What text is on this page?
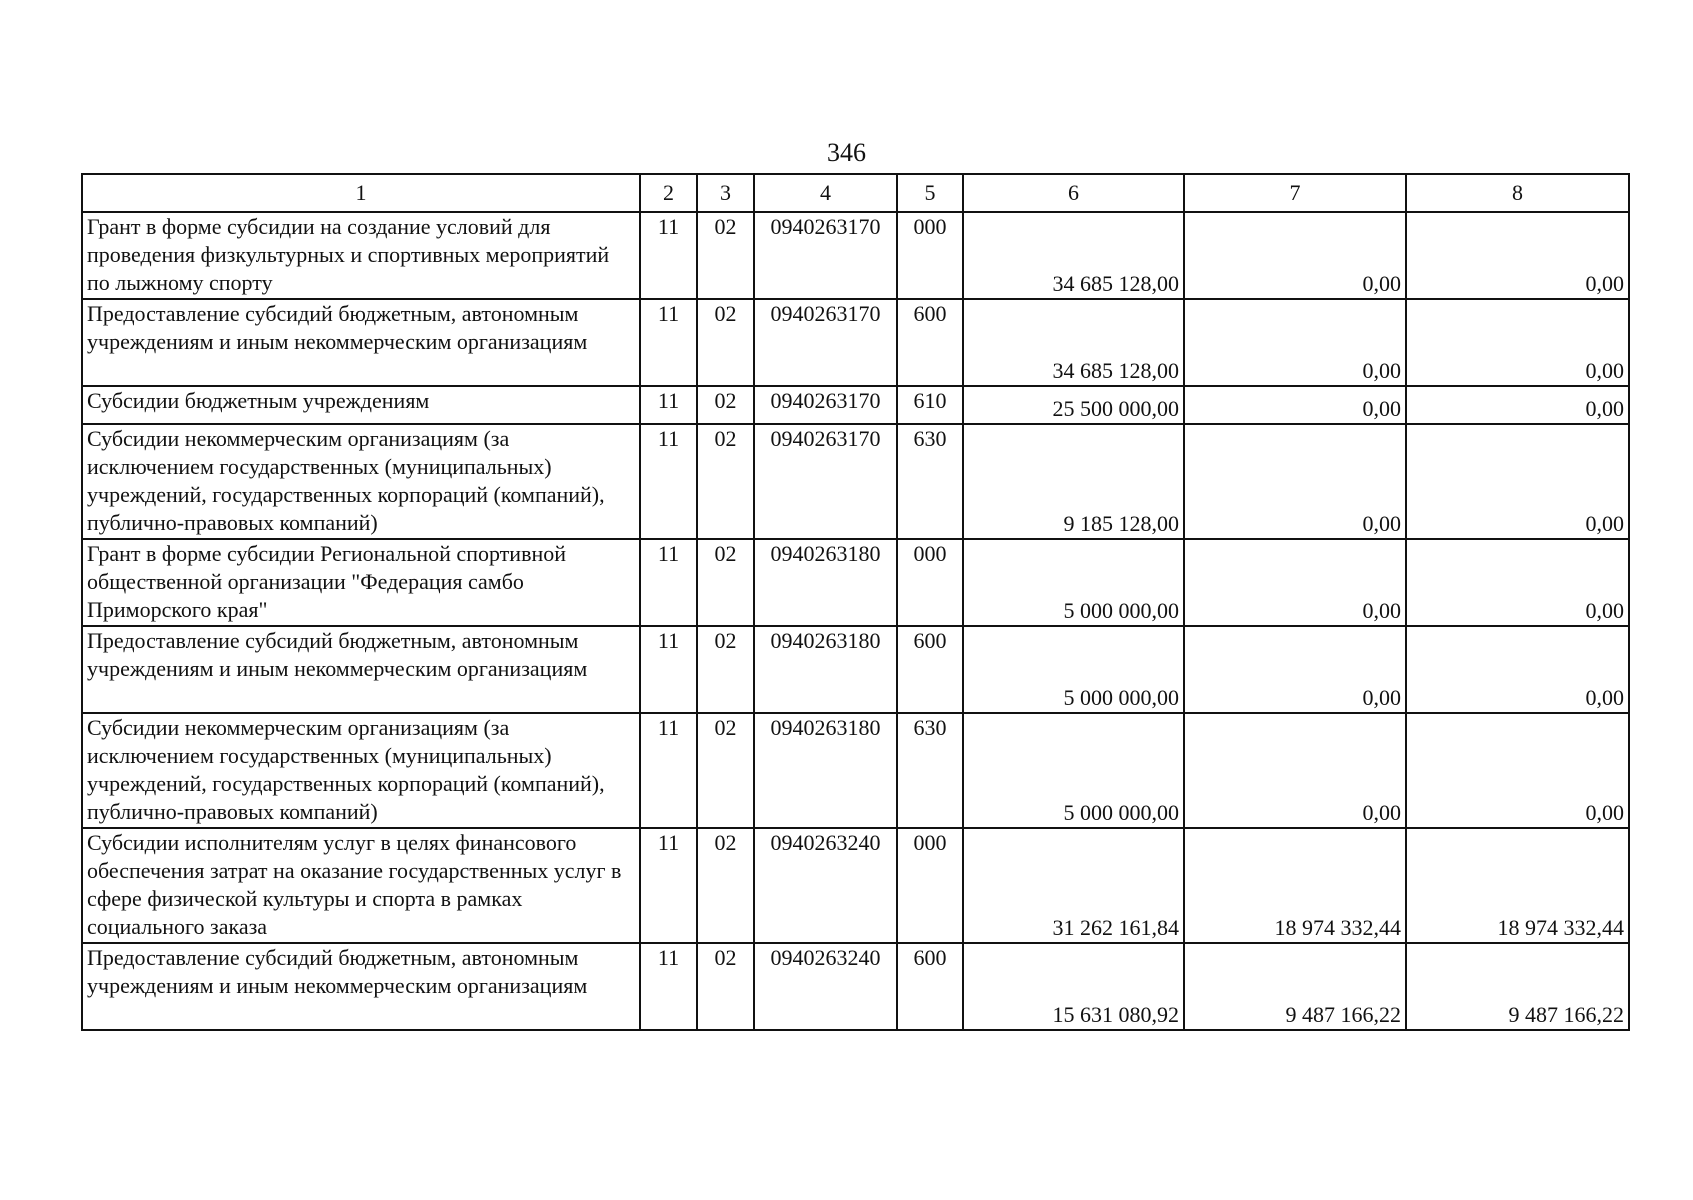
346
1	2	3	4	5	6	7	8
Грант в форме субсидии на создание условий для проведения физкультурных и спортивных мероприятий по лыжному спорту	11	02	0940263170	000	34 685 128,00	0,00	0,00
Предоставление субсидий бюджетным, автономным учреждениям и иным некоммерческим организациям	11	02	0940263170	600	34 685 128,00	0,00	0,00
Субсидии бюджетным учреждениям	11	02	0940263170	610	25 500 000,00	0,00	0,00
Субсидии некоммерческим организациям (за исключением государственных (муниципальных) учреждений, государственных корпораций (компаний), публично-правовых компаний)	11	02	0940263170	630	9 185 128,00	0,00	0,00
Грант в форме субсидии Региональной спортивной общественной организации "Федерация самбо Приморского края"	11	02	0940263180	000	5 000 000,00	0,00	0,00
Предоставление субсидий бюджетным, автономным учреждениям и иным некоммерческим организациям	11	02	0940263180	600	5 000 000,00	0,00	0,00
Субсидии некоммерческим организациям (за исключением государственных (муниципальных) учреждений, государственных корпораций (компаний), публично-правовых компаний)	11	02	0940263180	630	5 000 000,00	0,00	0,00
Субсидии исполнителям услуг в целях финансового обеспечения затрат на оказание государственных услуг в сфере физической культуры и спорта в рамках социального заказа	11	02	0940263240	000	31 262 161,84	18 974 332,44	18 974 332,44
Предоставление субсидий бюджетным, автономным учреждениям и иным некоммерческим организациям	11	02	0940263240	600	15 631 080,92	9 487 166,22	9 487 166,22
